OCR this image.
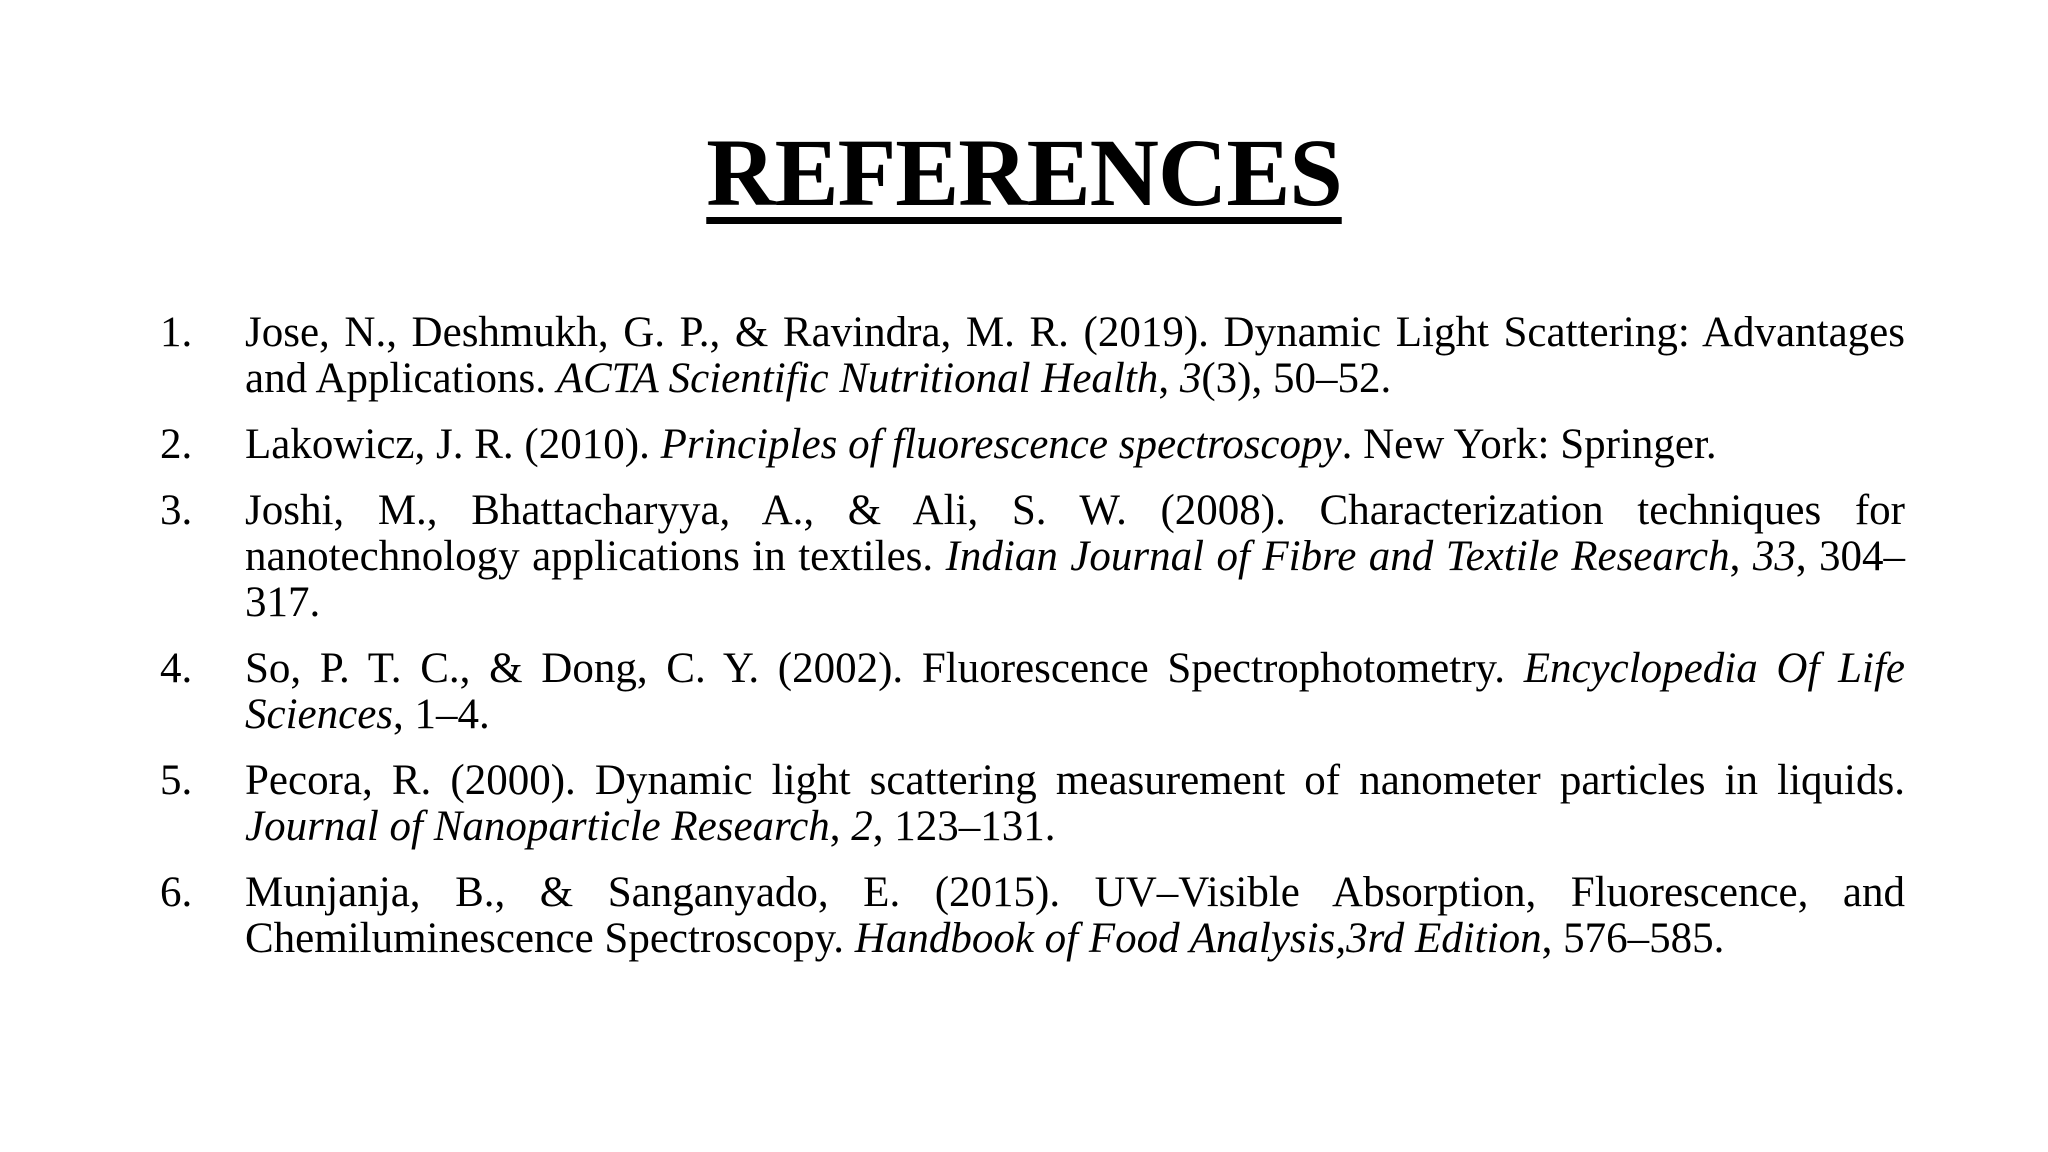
REFERENCES
1.	Jose, N., Deshmukh, G. P., & Ravindra, M. R. (2019). Dynamic Light Scattering: Advantages and Applications. ACTA Scientific Nutritional Health, 3(3), 50–52.
2.	Lakowicz, J. R. (2010). Principles of fluorescence spectroscopy. New York: Springer.
3.	Joshi, M., Bhattacharyya, A., & Ali, S. W. (2008). Characterization techniques for nanotechnology applications in textiles. Indian Journal of Fibre and Textile Research, 33, 304–317.
4.	So, P. T. C., & Dong, C. Y. (2002). Fluorescence Spectrophotometry. Encyclopedia Of Life Sciences, 1–4.
5.	Pecora, R. (2000). Dynamic light scattering measurement of nanometer particles in liquids. Journal of Nanoparticle Research, 2, 123–131.
6.	Munjanja, B., & Sanganyado, E. (2015). UV–Visible Absorption, Fluorescence, and Chemiluminescence Spectroscopy. Handbook of Food Analysis,3rd Edition, 576–585.
